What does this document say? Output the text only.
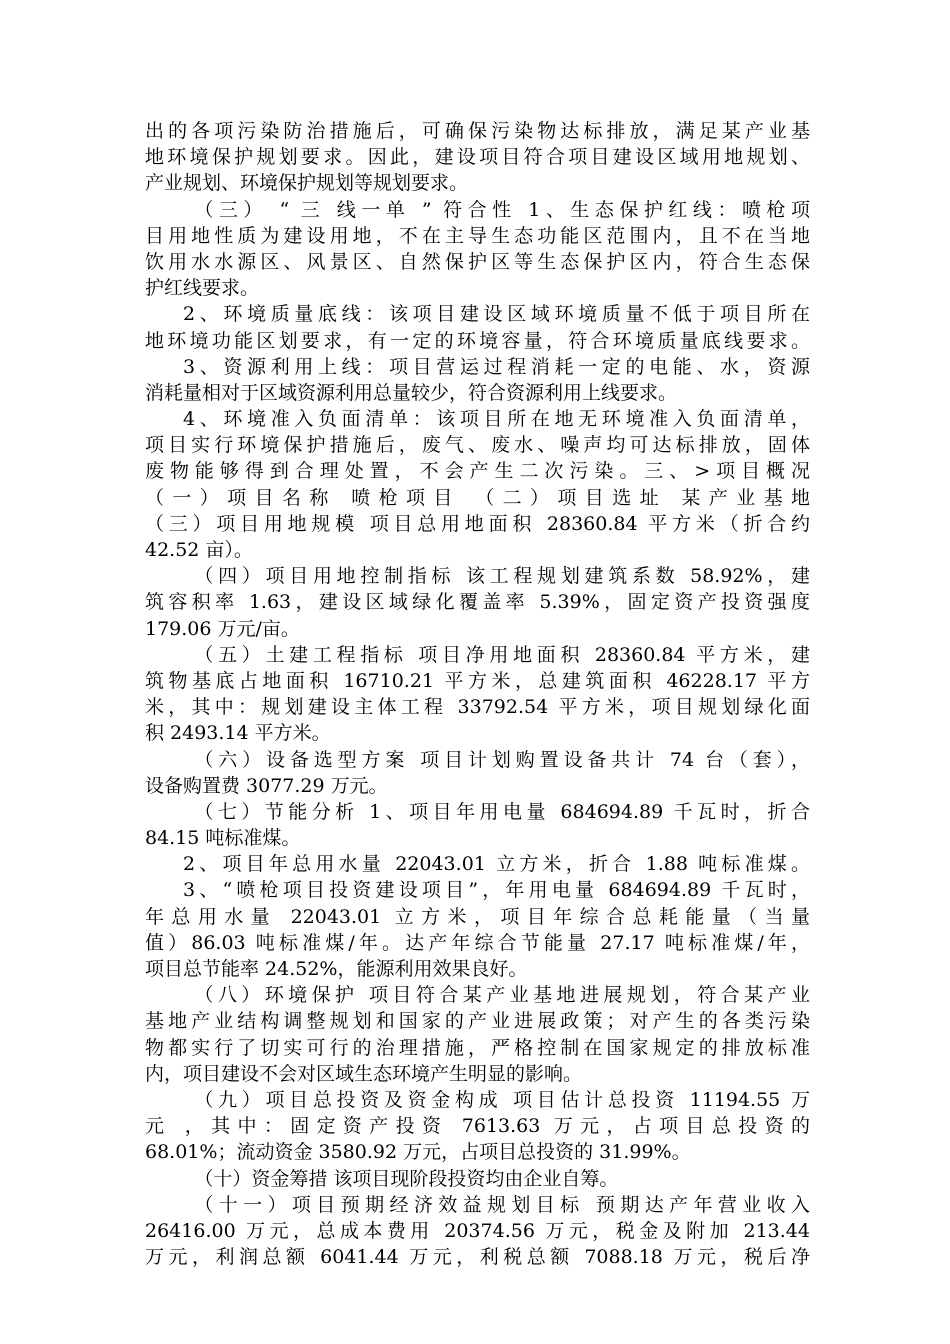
出的各项污染防治措施后，可确保污染物达标排放，满足某产业基
地环境保护规划要求。因此，建设项目符合项目建设区域用地规划、
产业规划、环境保护规划等规划要求。
（三） “ 三 线一单 ” 符合性 1、生态保护红线：喷枪项
目用地性质为建设用地，不在主导生态功能区范围内，且不在当地
饮用水水源区、风景区、自然保护区等生态保护区内，符合生态保
护红线要求。
2、环境质量底线：该项目建设区域环境质量不低于项目所在
地环境功能区划要求，有一定的环境容量，符合环境质量底线要求。
3、资源利用上线：项目营运过程消耗一定的电能、水，资源
消耗量相对于区域资源利用总量较少，符合资源利用上线要求。
4、环境准入负面清单：该项目所在地无环境准入负面清单，
项目实行环境保护措施后，废气、废水、噪声均可达标排放，固体
废物能够得到合理处置，不会产生二次污染。三、>项目概况
（一）项目名称 喷枪项目 （二）项目选址 某产业基地
（三）项目用地规模 项目总用地面积 28360.84 平方米（折合约
42.52 亩）。
（四）项目用地控制指标 该工程规划建筑系数 58.92%，建
筑容积率 1.63，建设区域绿化覆盖率 5.39%，固定资产投资强度
179.06 万元/亩。
（五）土建工程指标 项目净用地面积 28360.84 平方米，建
筑物基底占地面积 16710.21 平方米，总建筑面积 46228.17 平方
米，其中：规划建设主体工程 33792.54 平方米，项目规划绿化面
积 2493.14 平方米。
（六）设备选型方案 项目计划购置设备共计 74 台（套），
设备购置费 3077.29 万元。
（七）节能分析 1、项目年用电量 684694.89 千瓦时，折合
84.15 吨标准煤。
2、项目年总用水量 22043.01 立方米，折合 1.88 吨标准煤。
3、“喷枪项目投资建设项目”，年用电量 684694.89 千瓦时，
年总用水量 22043.01 立方米，项目年综合总耗能量（当量
值）86.03 吨标准煤/年。达产年综合节能量 27.17 吨标准煤/年，
项目总节能率 24.52%，能源利用效果良好。
（八）环境保护 项目符合某产业基地进展规划，符合某产业
基地产业结构调整规划和国家的产业进展政策；对产生的各类污染
物都实行了切实可行的治理措施，严格控制在国家规定的排放标准
内，项目建设不会对区域生态环境产生明显的影响。
（九）项目总投资及资金构成 项目估计总投资 11194.55 万
元 ，其中：固定资产投资 7613.63 万元，占项目总投资的
68.01%；流动资金 3580.92 万元，占项目总投资的 31.99%。
（十）资金筹措 该项目现阶段投资均由企业自筹。
（十一）项目预期经济效益规划目标 预期达产年营业收入
26416.00 万元，总成本费用 20374.56 万元，税金及附加 213.44
万元，利润总额 6041.44 万元，利税总额 7088.18 万元，税后净
